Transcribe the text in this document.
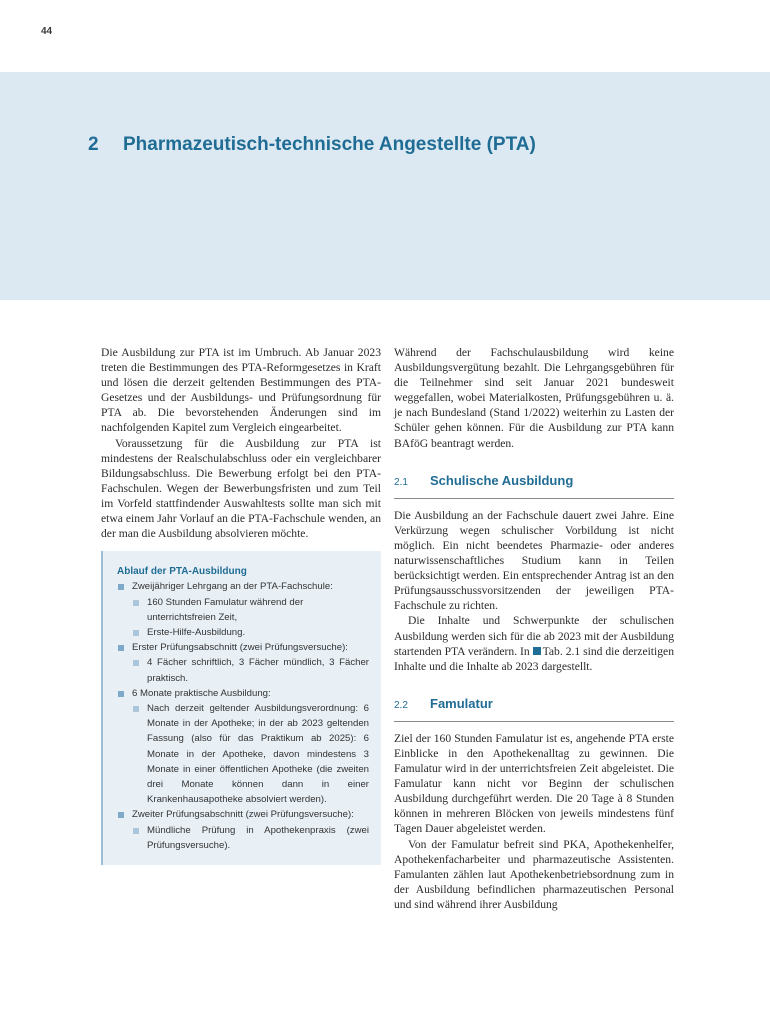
44
2 Pharmazeutisch-technische Angestellte (PTA)

Die Ausbildung zur PTA ist im Umbruch. Ab Januar 2023 treten die Bestimmungen des PTA-Reformgesetzes in Kraft und lösen die derzeit geltenden Bestimmungen des PTA-Gesetzes und der Ausbildungs- und Prüfungsordnung für PTA ab. Die bevorstehenden Änderungen sind im nachfolgenden Kapitel zum Vergleich eingearbeitet.

Voraussetzung für die Ausbildung zur PTA ist mindestens der Realschulabschluss oder ein vergleichbarer Bildungsabschluss. Die Bewerbung erfolgt bei den PTA-Fachschulen. Wegen der Bewerbungsfristen und zum Teil im Vorfeld stattfindender Auswahltests sollte man sich mit etwa einem Jahr Vorlauf an die PTA-Fachschule wenden, an der man die Ausbildung absolvieren möchte.

Ablauf der PTA-Ausbildung
Zweijähriger Lehrgang an der PTA-Fachschule:
160 Stunden Famulatur während der unterrichtsfreien Zeit,
Erste-Hilfe-Ausbildung.
Erster Prüfungsabschnitt (zwei Prüfungsversuche):
4 Fächer schriftlich, 3 Fächer mündlich, 3 Fächer praktisch.
6 Monate praktische Ausbildung:
Nach derzeit geltender Ausbildungsverordnung: 6 Monate in der Apotheke; in der ab 2023 geltenden Fassung (also für das Praktikum ab 2025): 6 Monate in der Apotheke, davon mindestens 3 Monate in einer öffentlichen Apotheke (die zweiten drei Monate können dann in einer Krankenhausapotheke absolviert werden).
Zweiter Prüfungsabschnitt (zwei Prüfungsversuche):
Mündliche Prüfung in Apothekenpraxis (zwei Prüfungsversuche).

Während der Fachschulausbildung wird keine Ausbildungsvergütung bezahlt. Die Lehrgangsgebühren für die Teilnehmer sind seit Januar 2021 bundesweit weggefallen, wobei Materialkosten, Prüfungsgebühren u. ä. je nach Bundesland (Stand 1/2022) weiterhin zu Lasten der Schüler gehen können. Für die Ausbildung zur PTA kann BAföG beantragt werden.

2.1	Schulische Ausbildung

Die Ausbildung an der Fachschule dauert zwei Jahre. Eine Verkürzung wegen schulischer Vorbildung ist nicht möglich. Ein nicht beendetes Pharmazie- oder anderes naturwissenschaftliches Studium kann in Teilen berücksichtigt werden. Ein entsprechender Antrag ist an den Prüfungsausschussvorsitzenden der jeweiligen PTA-Fachschule zu richten.

Die Inhalte und Schwerpunkte der schulischen Ausbildung werden sich für die ab 2023 mit der Ausbildung startenden PTA verändern. In Tab. 2.1 sind die derzeitigen Inhalte und die Inhalte ab 2023 dargestellt.

2.2	Famulatur

Ziel der 160 Stunden Famulatur ist es, angehende PTA erste Einblicke in den Apothekenalltag zu gewinnen. Die Famulatur wird in der unterrichtsfreien Zeit abgeleistet. Die Famulatur kann nicht vor Beginn der schulischen Ausbildung durchgeführt werden. Die 20 Tage à 8 Stunden können in mehreren Blöcken von jeweils mindestens fünf Tagen Dauer abgeleistet werden.

Von der Famulatur befreit sind PKA, Apothekenhelfer, Apothekenfacharbeiter und pharmazeutische Assistenten. Famulanten zählen laut Apothekenbetriebsordnung zum in der Ausbildung befindlichen pharmazeutischen Personal und sind während ihrer Ausbildung
